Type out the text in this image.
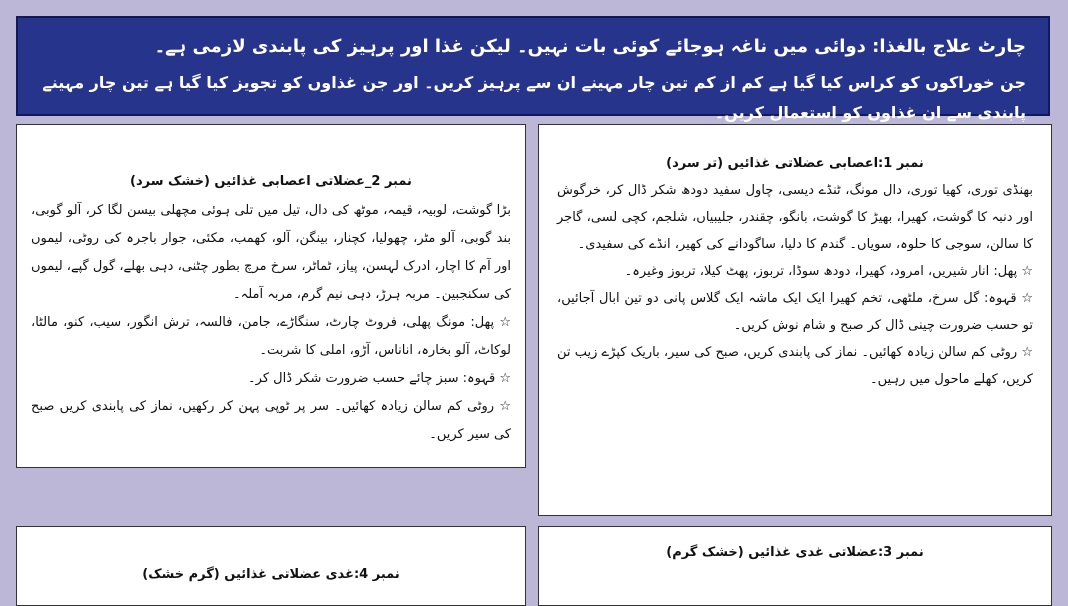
چارٹ علاج بالغذا: دوائی میں ناغہ ہوجائے کوئی بات نہیں۔ لیکن غذا اور پرہیز کی پابندی لازمی ہے۔
جن خوراکوں کو کراس کیا گیا ہے کم از کم تین چار مہینے ان سے پرہیز کریں۔ اور جن غذاوں کو تجویز کیا گیا ہے تین چار مہینے پابندی سے ان غذاوں کو استعمال کریں۔
نمبر 1:اعصابی عضلاتی غذائیں (تر سرد)

بھنڈی توری، کھیا توری، دال مونگ، ٹنڈے دیسی، چاول سفید دودھ شکر ڈال کر، خرگوش اور دنبہ کا گوشت، کھیرا، بھیڑ کا گوشت، بانگو، چقندر، جلیبیاں، شلجم، کچی لسی، گاجر کا سالن، سوجی کا حلوہ، سویاں۔ گندم کا دلیا، ساگودانے کی کھیر، انڈے کی سفیدی۔

☆ پھل: انار شیریں، امرود، کھیرا، دودھ سوڈا، تربوز، پھٹ کیلا، تربوز وغیرہ۔

☆ قہوہ: گل سرخ، ملٹھی، تخم کھیرا ایک ایک ماشہ ایک گلاس پانی دو تین ابال آجائیں، تو حسب ضرورت چینی ڈال کر صبح و شام نوش کریں۔

☆ روٹی کم سالن زیادہ کھائیں۔ نماز کی پابندی کریں، صبح کی سیر، باریک کپڑے زیب تن کریں، کھلے ماحول میں رہیں۔

نمبر 2_عضلاتی اعصابی غذائیں (خشک سرد)

بڑا گوشت، لوبیہ، قیمہ، موٹھ کی دال، تیل میں تلی ہوئی مچھلی بیسن لگا کر، آلو گوبی، بند گوبی، آلو مٹر، چھولیا، کچنار، بینگن، آلو، کھمب، مکئی، جوار باجرہ کی روٹی، لیموں اور آم کا اچار، ادرک لہسن، پیاز، ٹماٹر، سرخ مرچ بطور چٹنی، دہی بھلے، گول گپے، لیموں کی سکنجبین۔ مربہ ہرڑ، دہی نیم گرم، مربہ آملہ۔

☆ پھل: مونگ پھلی، فروٹ چارٹ، سنگاڑے، جامن، فالسہ، ترش انگور، سیب، کنو، مالٹا، لوکاٹ، آلو بخارہ، اناناس، آڑو، املی کا شربت۔

☆ قہوہ: سبز چائے حسب ضرورت شکر ڈال کر۔

☆ روٹی کم سالن زیادہ کھائیں۔ سر پر ٹوپی پہن کر رکھیں، نماز کی پابندی کریں صبح کی سیر کریں۔

نمبر 3:عضلاتی غدی غذائیں (خشک گرم)
نمبر 4:غدی عضلاتی غذائیں (گرم خشک)
